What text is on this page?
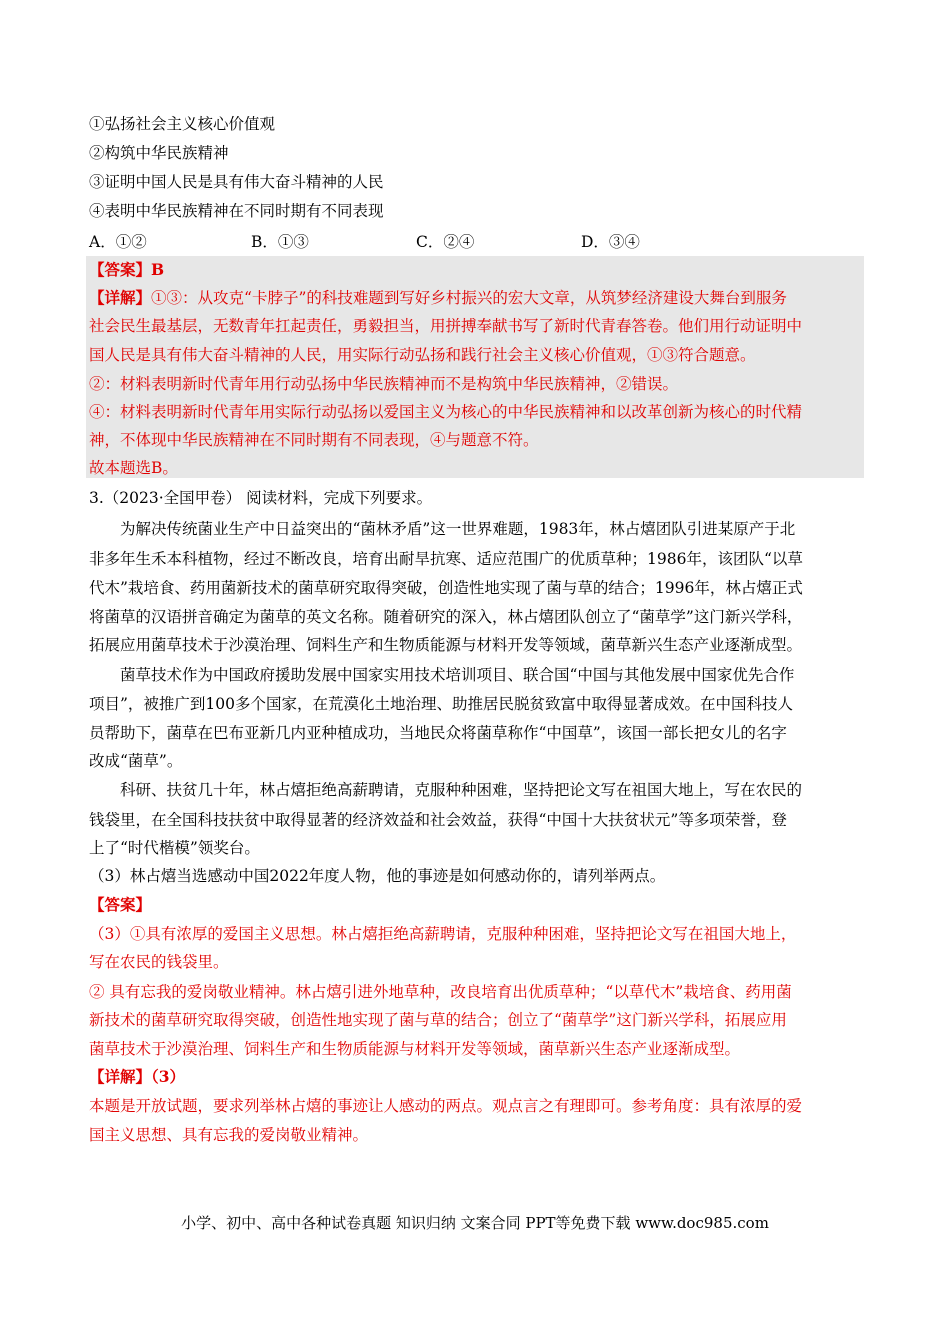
①弘扬社会主义核心价值观
②构筑中华民族精神
③证明中国人民是具有伟大奋斗精神的人民
④表明中华民族精神在不同时期有不同表现
A．①②	B．①③	C．②④	D．③④
【答案】B
【详解】①③：从攻克“卡脖子”的科技难题到写好乡村振兴的宏大文章，从筑梦经济建设大舞台到服务
社会民生最基层，无数青年扛起责任，勇毅担当，用拼搏奉献书写了新时代青春答卷。他们用行动证明中
国人民是具有伟大奋斗精神的人民，用实际行动弘扬和践行社会主义核心价值观，①③符合题意。
②：材料表明新时代青年用行动弘扬中华民族精神而不是构筑中华民族精神，②错误。
④：材料表明新时代青年用实际行动弘扬以爱国主义为核心的中华民族精神和以改革创新为核心的时代精
神，不体现中华民族精神在不同时期有不同表现，④与题意不符。
故本题选B。
3.（2023·全国甲卷） 阅读材料，完成下列要求。
为解决传统菌业生产中日益突出的“菌林矛盾”这一世界难题，1983年，林占熺团队引进某原产于北
非多年生禾本科植物，经过不断改良，培育出耐旱抗寒、适应范围广的优质草种；1986年，该团队“以草
代木”栽培食、药用菌新技术的菌草研究取得突破，创造性地实现了菌与草的结合；1996年，林占熺正式
将菌草的汉语拼音确定为菌草的英文名称。随着研究的深入，林占熺团队创立了“菌草学”这门新兴学科，
拓展应用菌草技术于沙漠治理、饲料生产和生物质能源与材料开发等领域，菌草新兴生态产业逐渐成型。
菌草技术作为中国政府援助发展中国家实用技术培训项目、联合国“中国与其他发展中国家优先合作
项目”，被推广到100多个国家，在荒漠化土地治理、助推居民脱贫致富中取得显著成效。在中国科技人
员帮助下，菌草在巴布亚新几内亚种植成功，当地民众将菌草称作“中国草”，该国一部长把女儿的名字
改成“菌草”。
科研、扶贫几十年，林占熺拒绝高薪聘请，克服种种困难，坚持把论文写在祖国大地上，写在农民的
钱袋里，在全国科技扶贫中取得显著的经济效益和社会效益，获得“中国十大扶贫状元”等多项荣誉，登
上了“时代楷模”领奖台。
（3）林占熺当选感动中国2022年度人物，他的事迹是如何感动你的，请列举两点。
【答案】
（3）①具有浓厚的爱国主义思想。林占熺拒绝高薪聘请，克服种种困难，坚持把论文写在祖国大地上，
写在农民的钱袋里。
② 具有忘我的爱岗敬业精神。林占熺引进外地草种，改良培育出优质草种；“以草代木”栽培食、药用菌
新技术的菌草研究取得突破，创造性地实现了菌与草的结合；创立了“菌草学”这门新兴学科，拓展应用
菌草技术于沙漠治理、饲料生产和生物质能源与材料开发等领域，菌草新兴生态产业逐渐成型。
【详解】（3）
本题是开放试题，要求列举林占熺的事迹让人感动的两点。观点言之有理即可。参考角度：具有浓厚的爱
国主义思想、具有忘我的爱岗敬业精神。
小学、初中、高中各种试卷真题 知识归纳 文案合同 PPT等免费下载 www.doc985.com
